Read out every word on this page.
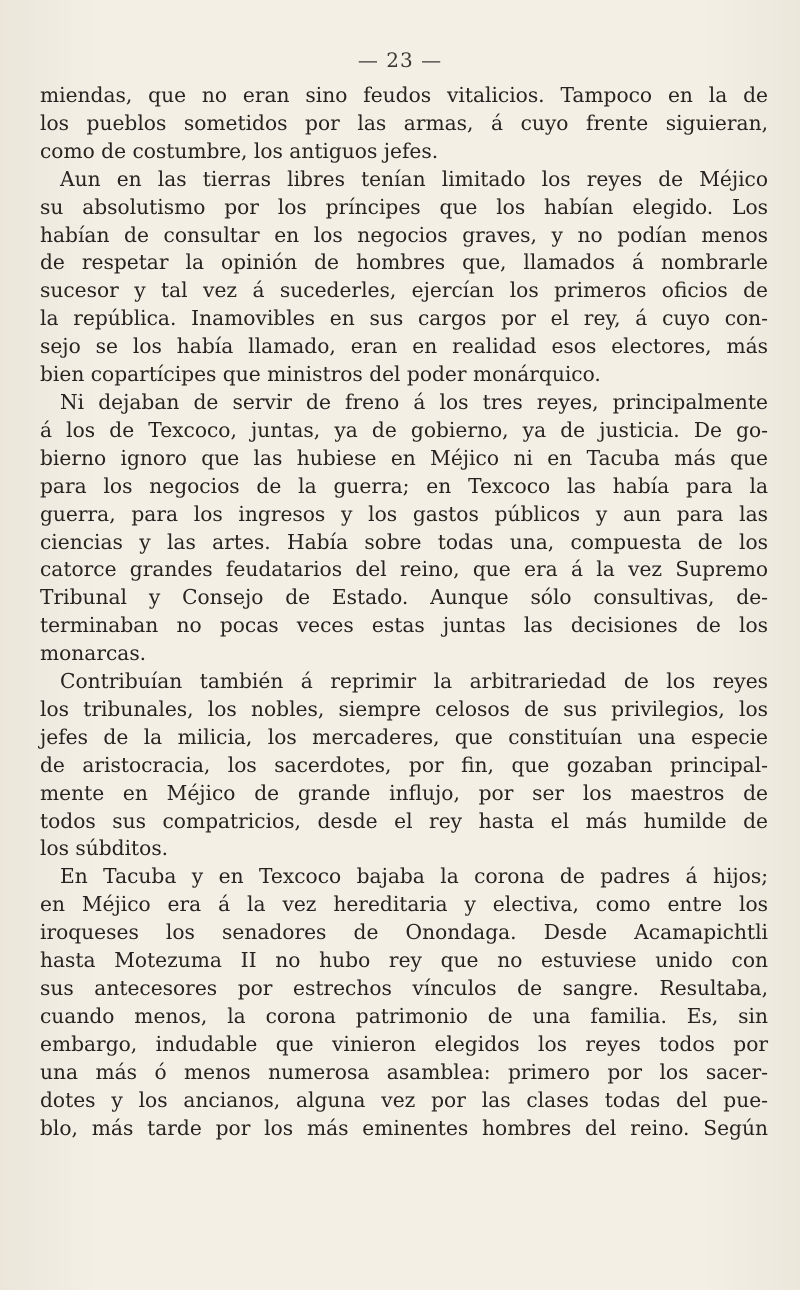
— 23 —
miendas, que no eran sino feudos vitalicios. Tampoco en la de
los pueblos sometidos por las armas, á cuyo frente siguieran,
como de costumbre, los antiguos jefes.
Aun en las tierras libres tenían limitado los reyes de Méjico
su absolutismo por los príncipes que los habían elegido. Los
habían de consultar en los negocios graves, y no podían menos
de respetar la opinión de hombres que, llamados á nombrarle
sucesor y tal vez á sucederles, ejercían los primeros oficios de
la república. Inamovibles en sus cargos por el rey, á cuyo con-
sejo se los había llamado, eran en realidad esos electores, más
bien copartícipes que ministros del poder monárquico.
Ni dejaban de servir de freno á los tres reyes, principalmente
á los de Texcoco, juntas, ya de gobierno, ya de justicia. De go-
bierno ignoro que las hubiese en Méjico ni en Tacuba más que
para los negocios de la guerra; en Texcoco las había para la
guerra, para los ingresos y los gastos públicos y aun para las
ciencias y las artes. Había sobre todas una, compuesta de los
catorce grandes feudatarios del reino, que era á la vez Supremo
Tribunal y Consejo de Estado. Aunque sólo consultivas, de-
terminaban no pocas veces estas juntas las decisiones de los
monarcas.
Contribuían también á reprimir la arbitrariedad de los reyes
los tribunales, los nobles, siempre celosos de sus privilegios, los
jefes de la milicia, los mercaderes, que constituían una especie
de aristocracia, los sacerdotes, por fin, que gozaban principal-
mente en Méjico de grande influjo, por ser los maestros de
todos sus compatricios, desde el rey hasta el más humilde de
los súbditos.
En Tacuba y en Texcoco bajaba la corona de padres á hijos;
en Méjico era á la vez hereditaria y electiva, como entre los
iroqueses los senadores de Onondaga. Desde Acamapichtli
hasta Motezuma II no hubo rey que no estuviese unido con
sus antecesores por estrechos vínculos de sangre. Resultaba,
cuando menos, la corona patrimonio de una familia. Es, sin
embargo, indudable que vinieron elegidos los reyes todos por
una más ó menos numerosa asamblea: primero por los sacer-
dotes y los ancianos, alguna vez por las clases todas del pue-
blo, más tarde por los más eminentes hombres del reino. Según
